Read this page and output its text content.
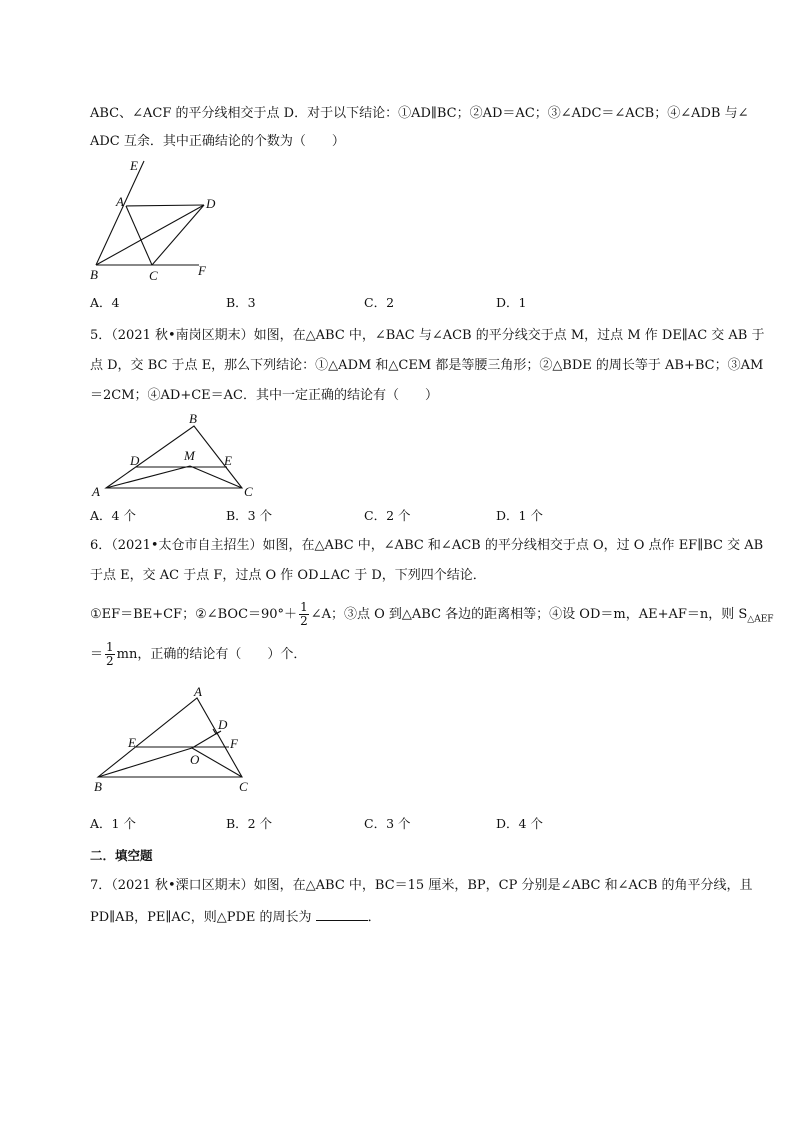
ABC、∠ACF 的平分线相交于点 D．对于以下结论：①AD∥BC；②AD＝AC；③∠ADC＝∠ACB；④∠ADB 与∠
ADC 互余．其中正确结论的个数为（　　）
E
A	D
B	C	F
A．4	B．3	C．2	D．1
5．（2021 秋•南岗区期末）如图，在△ABC 中，∠BAC 与∠ACB 的平分线交于点 M，过点 M 作 DE∥AC 交 AB 于
点 D，交 BC 于点 E，那么下列结论：①△ADM 和△CEM 都是等腰三角形；②△BDE 的周长等于 AB+BC；③AM
＝2CM；④AD+CE＝AC．其中一定正确的结论有（　　）
B
D	M E
A	C
A．4 个	B．3 个	C．2 个	D．1 个
6．（2021•太仓市自主招生）如图，在△ABC 中，∠ABC 和∠ACB 的平分线相交于点 O，过 O 点作 EF∥BC 交 AB
于点 E，交 AC 于点 F，过点 O 作 OD⊥AC 于 D，下列四个结论．
①EF＝BE+CF；②∠BOC＝90°＋ $\frac{1}{2}$ ∠A；③点 O 到△ABC 各边的距离相等；④设 OD＝m，AE+AF＝n，则 $S_{\triangle AEF}$
＝ $\frac{1}{2}$ mn，正确的结论有（　　）个．
A
D
E	F
O
B	C
A．1 个	B．2 个	C．3 个	D．4 个
二．填空题
7．（2021 秋•溧口区期末）如图，在△ABC 中，BC＝15 厘米，BP，CP 分别是∠ABC 和∠ACB 的角平分线，且
PD∥AB，PE∥AC，则△PDE 的周长为	．
